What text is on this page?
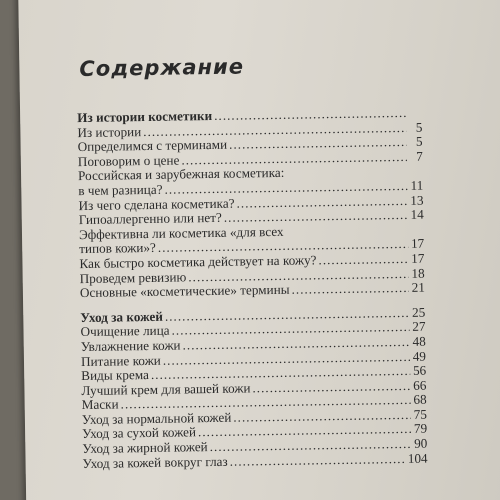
Содержание
Из истории косметики
.....
Из истории .....	5
Определимся с терминами .....	5
Поговорим о цене .....	7
Российская и зарубежная косметика:
в чем разница? .....	11
Из чего сделана косметика? .....	13
Гипоаллергенно или нет? .....	14
Эффективна ли косметика «для всех
типов кожи»? .....	17
Как быстро косметика действует на кожу? .....	17
Проведем ревизию .....	18
Основные «косметические» термины .....	21
Уход за кожей .....	25
Очищение лица .....	27
Увлажнение кожи .....	48
Питание кожи .....	49
Виды крема .....	56
Лучший крем для вашей кожи .....	66
Маски .....	68
Уход за нормальной кожей .....	75
Уход за сухой кожей .....	79
Уход за жирной кожей .....	90
Уход за кожей вокруг глаз .....	104
